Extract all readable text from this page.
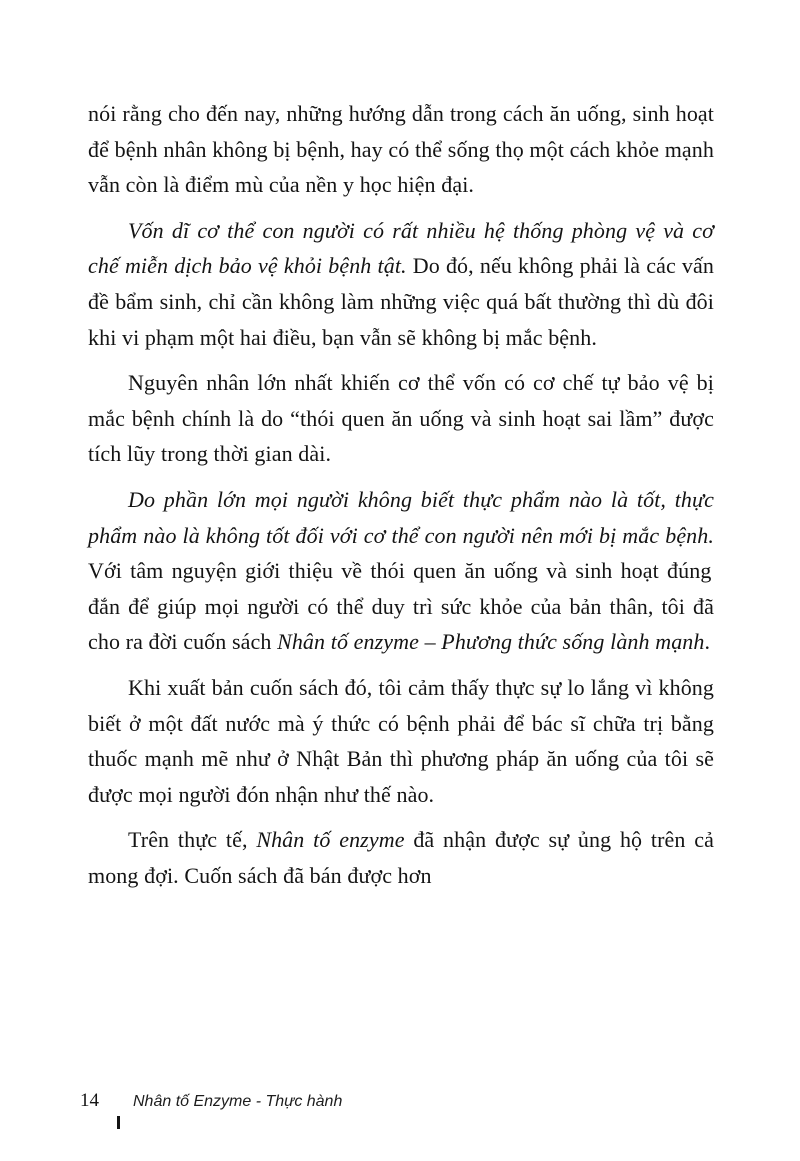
nói rằng cho đến nay, những hướng dẫn trong cách ăn uống, sinh hoạt để bệnh nhân không bị bệnh, hay có thể sống thọ một cách khỏe mạnh vẫn còn là điểm mù của nền y học hiện đại.

Vốn dĩ cơ thể con người có rất nhiều hệ thống phòng vệ và cơ chế miễn dịch bảo vệ khỏi bệnh tật. Do đó, nếu không phải là các vấn đề bẩm sinh, chỉ cần không làm những việc quá bất thường thì dù đôi khi vi phạm một hai điều, bạn vẫn sẽ không bị mắc bệnh.

Nguyên nhân lớn nhất khiến cơ thể vốn có cơ chế tự bảo vệ bị mắc bệnh chính là do “thói quen ăn uống và sinh hoạt sai lầm” được tích lũy trong thời gian dài.

Do phần lớn mọi người không biết thực phẩm nào là tốt, thực phẩm nào là không tốt đối với cơ thể con người nên mới bị mắc bệnh. Với tâm nguyện giới thiệu về thói quen ăn uống và sinh hoạt đúng đắn để giúp mọi người có thể duy trì sức khỏe của bản thân, tôi đã cho ra đời cuốn sách Nhân tố enzyme – Phương thức sống lành mạnh.

Khi xuất bản cuốn sách đó, tôi cảm thấy thực sự lo lắng vì không biết ở một đất nước mà ý thức có bệnh phải để bác sĩ chữa trị bằng thuốc mạnh mẽ như ở Nhật Bản thì phương pháp ăn uống của tôi sẽ được mọi người đón nhận như thế nào.

Trên thực tế, Nhân tố enzyme đã nhận được sự ủng hộ trên cả mong đợi. Cuốn sách đã bán được hơn

14 Nhân tố Enzyme - Thực hành
